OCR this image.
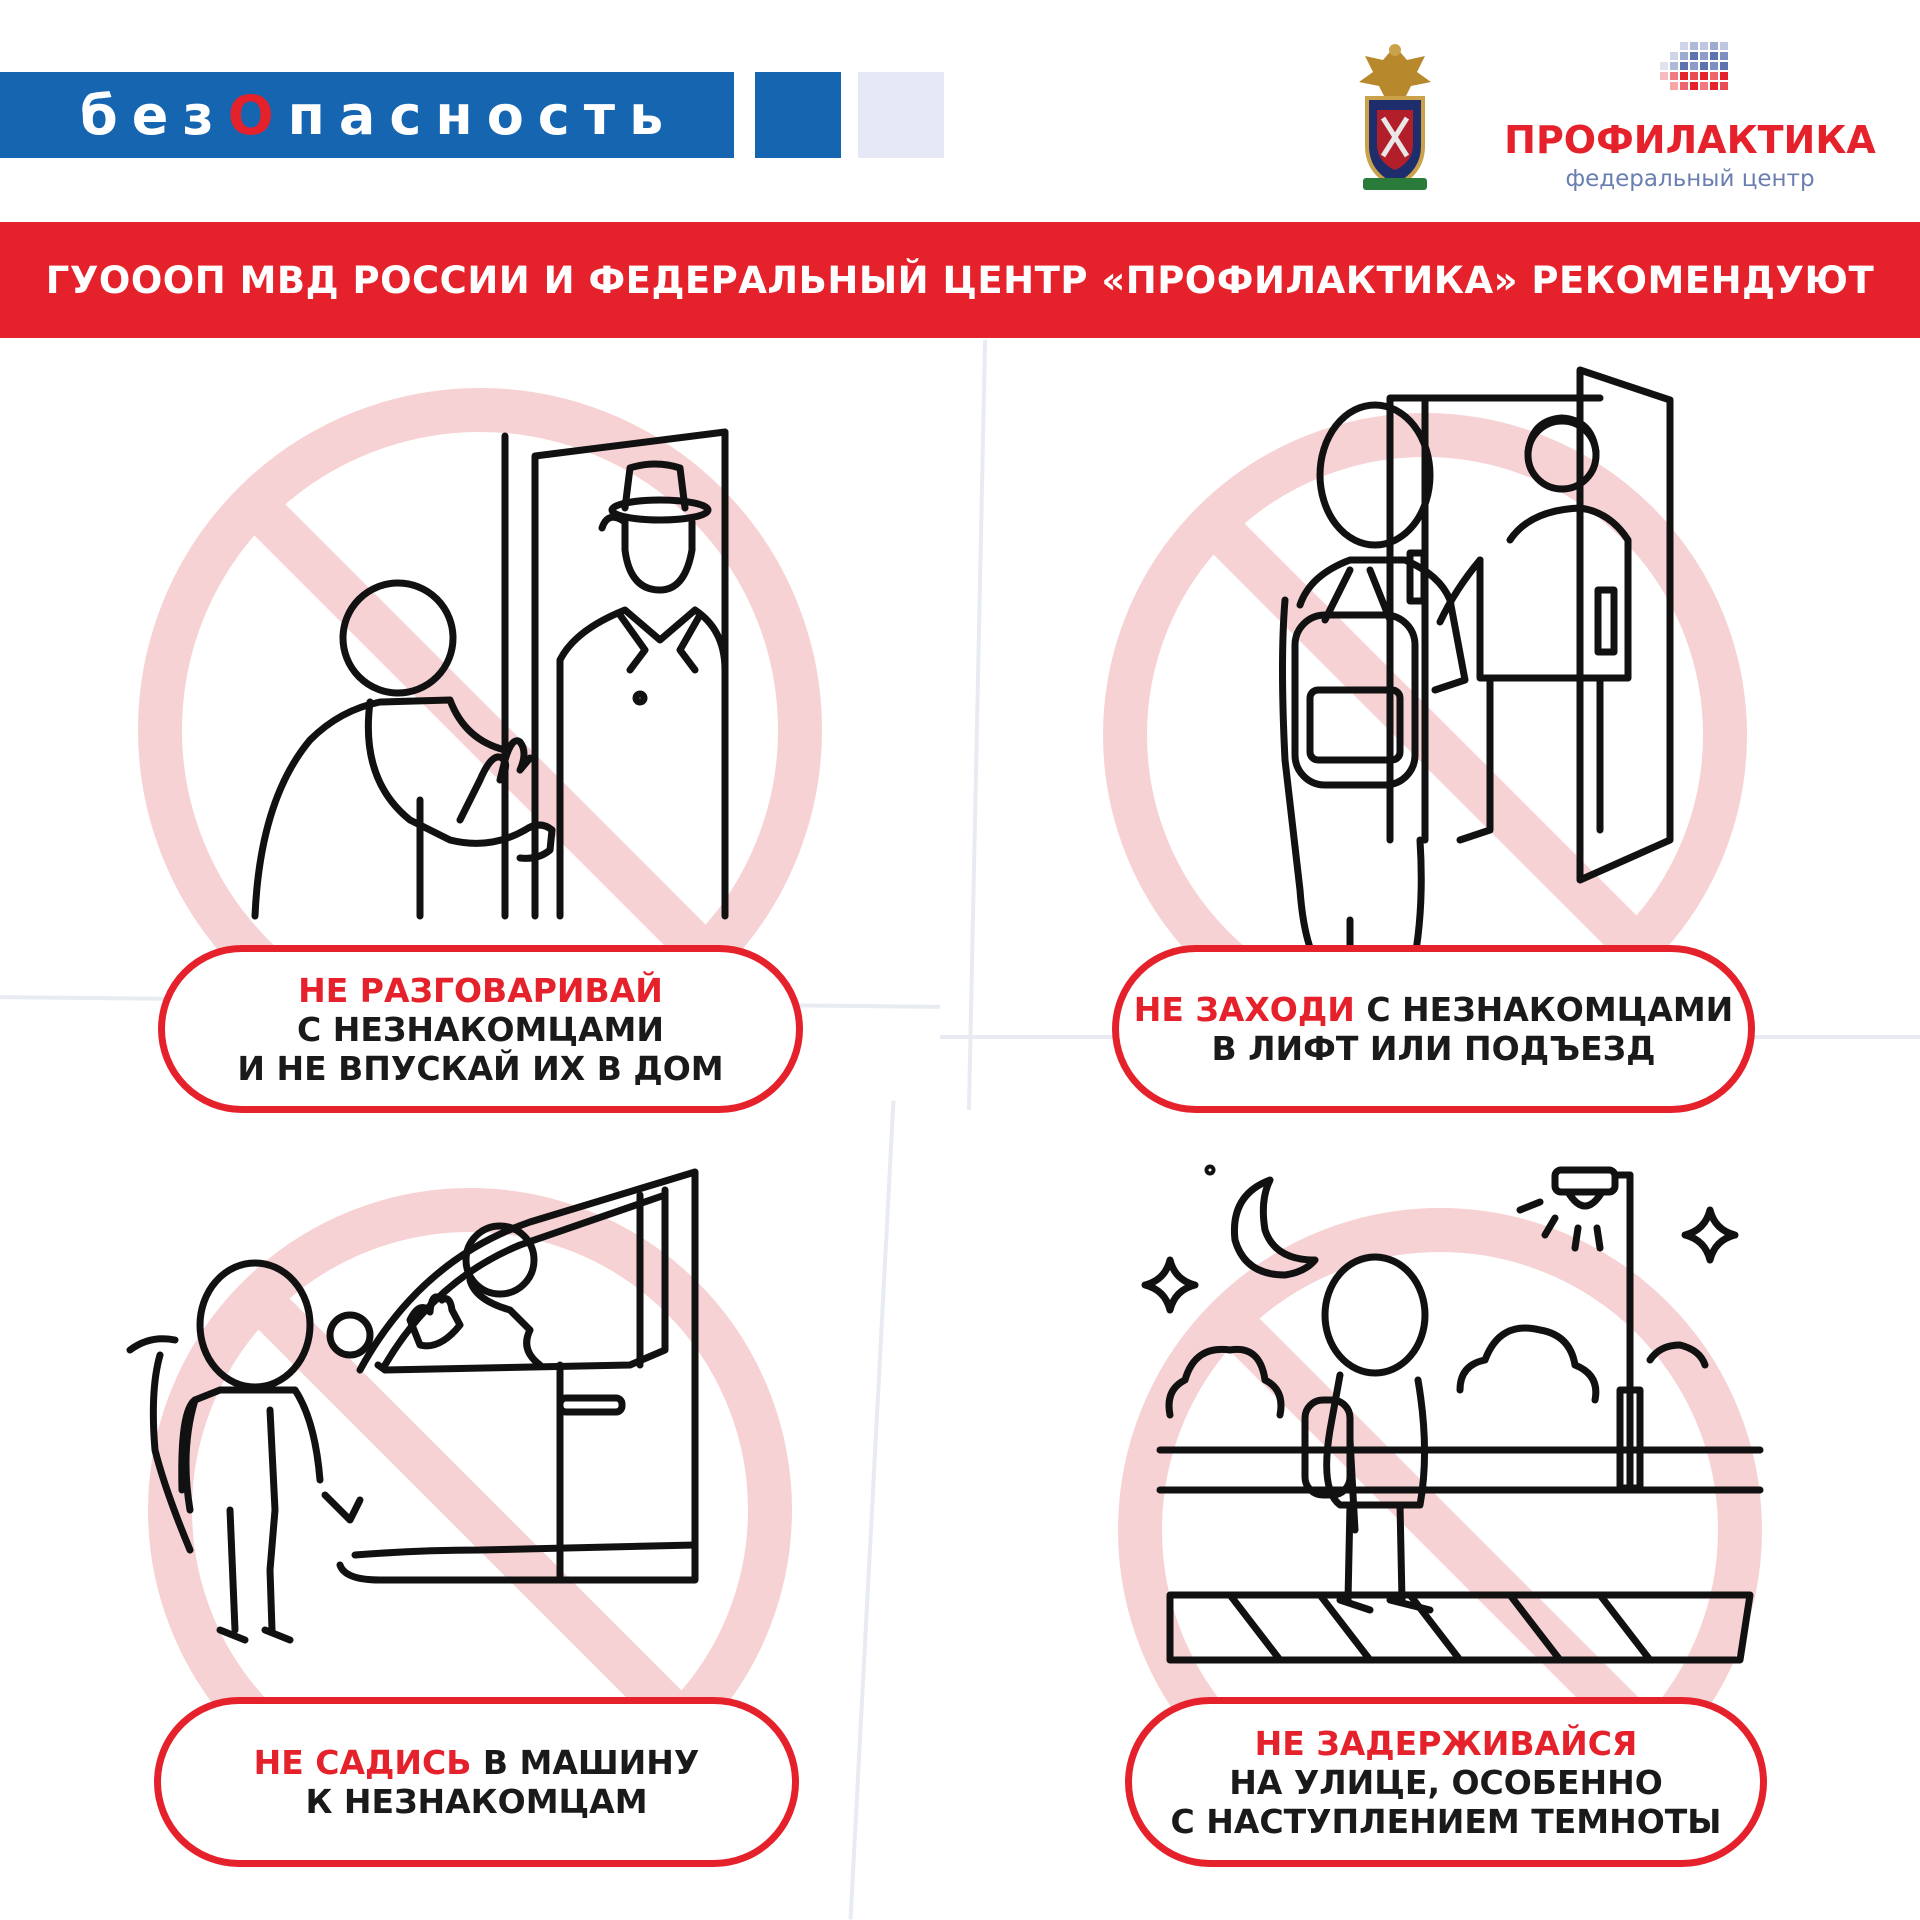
безОпасность	ПРОФИЛАКТИКА
федеральный центр
ГУОООП МВД РОССИИ И ФЕДЕРАЛЬНЫЙ ЦЕНТР «ПРОФИЛАКТИКА» РЕКОМЕНДУЮТ
НЕ РАЗГОВАРИВАЙ
С НЕЗНАКОМЦАМИ
И НЕ ВПУСКАЙ ИХ В ДОМ
НЕ ЗАХОДИ С НЕЗНАКОМЦАМИ
В ЛИФТ ИЛИ ПОДЪЕЗД
НЕ САДИСЬ В МАШИНУ
К НЕЗНАКОМЦАМ
НЕ ЗАДЕРЖИВАЙСЯ
НА УЛИЦЕ, ОСОБЕННО
С НАСТУПЛЕНИЕМ ТЕМНОТЫ
